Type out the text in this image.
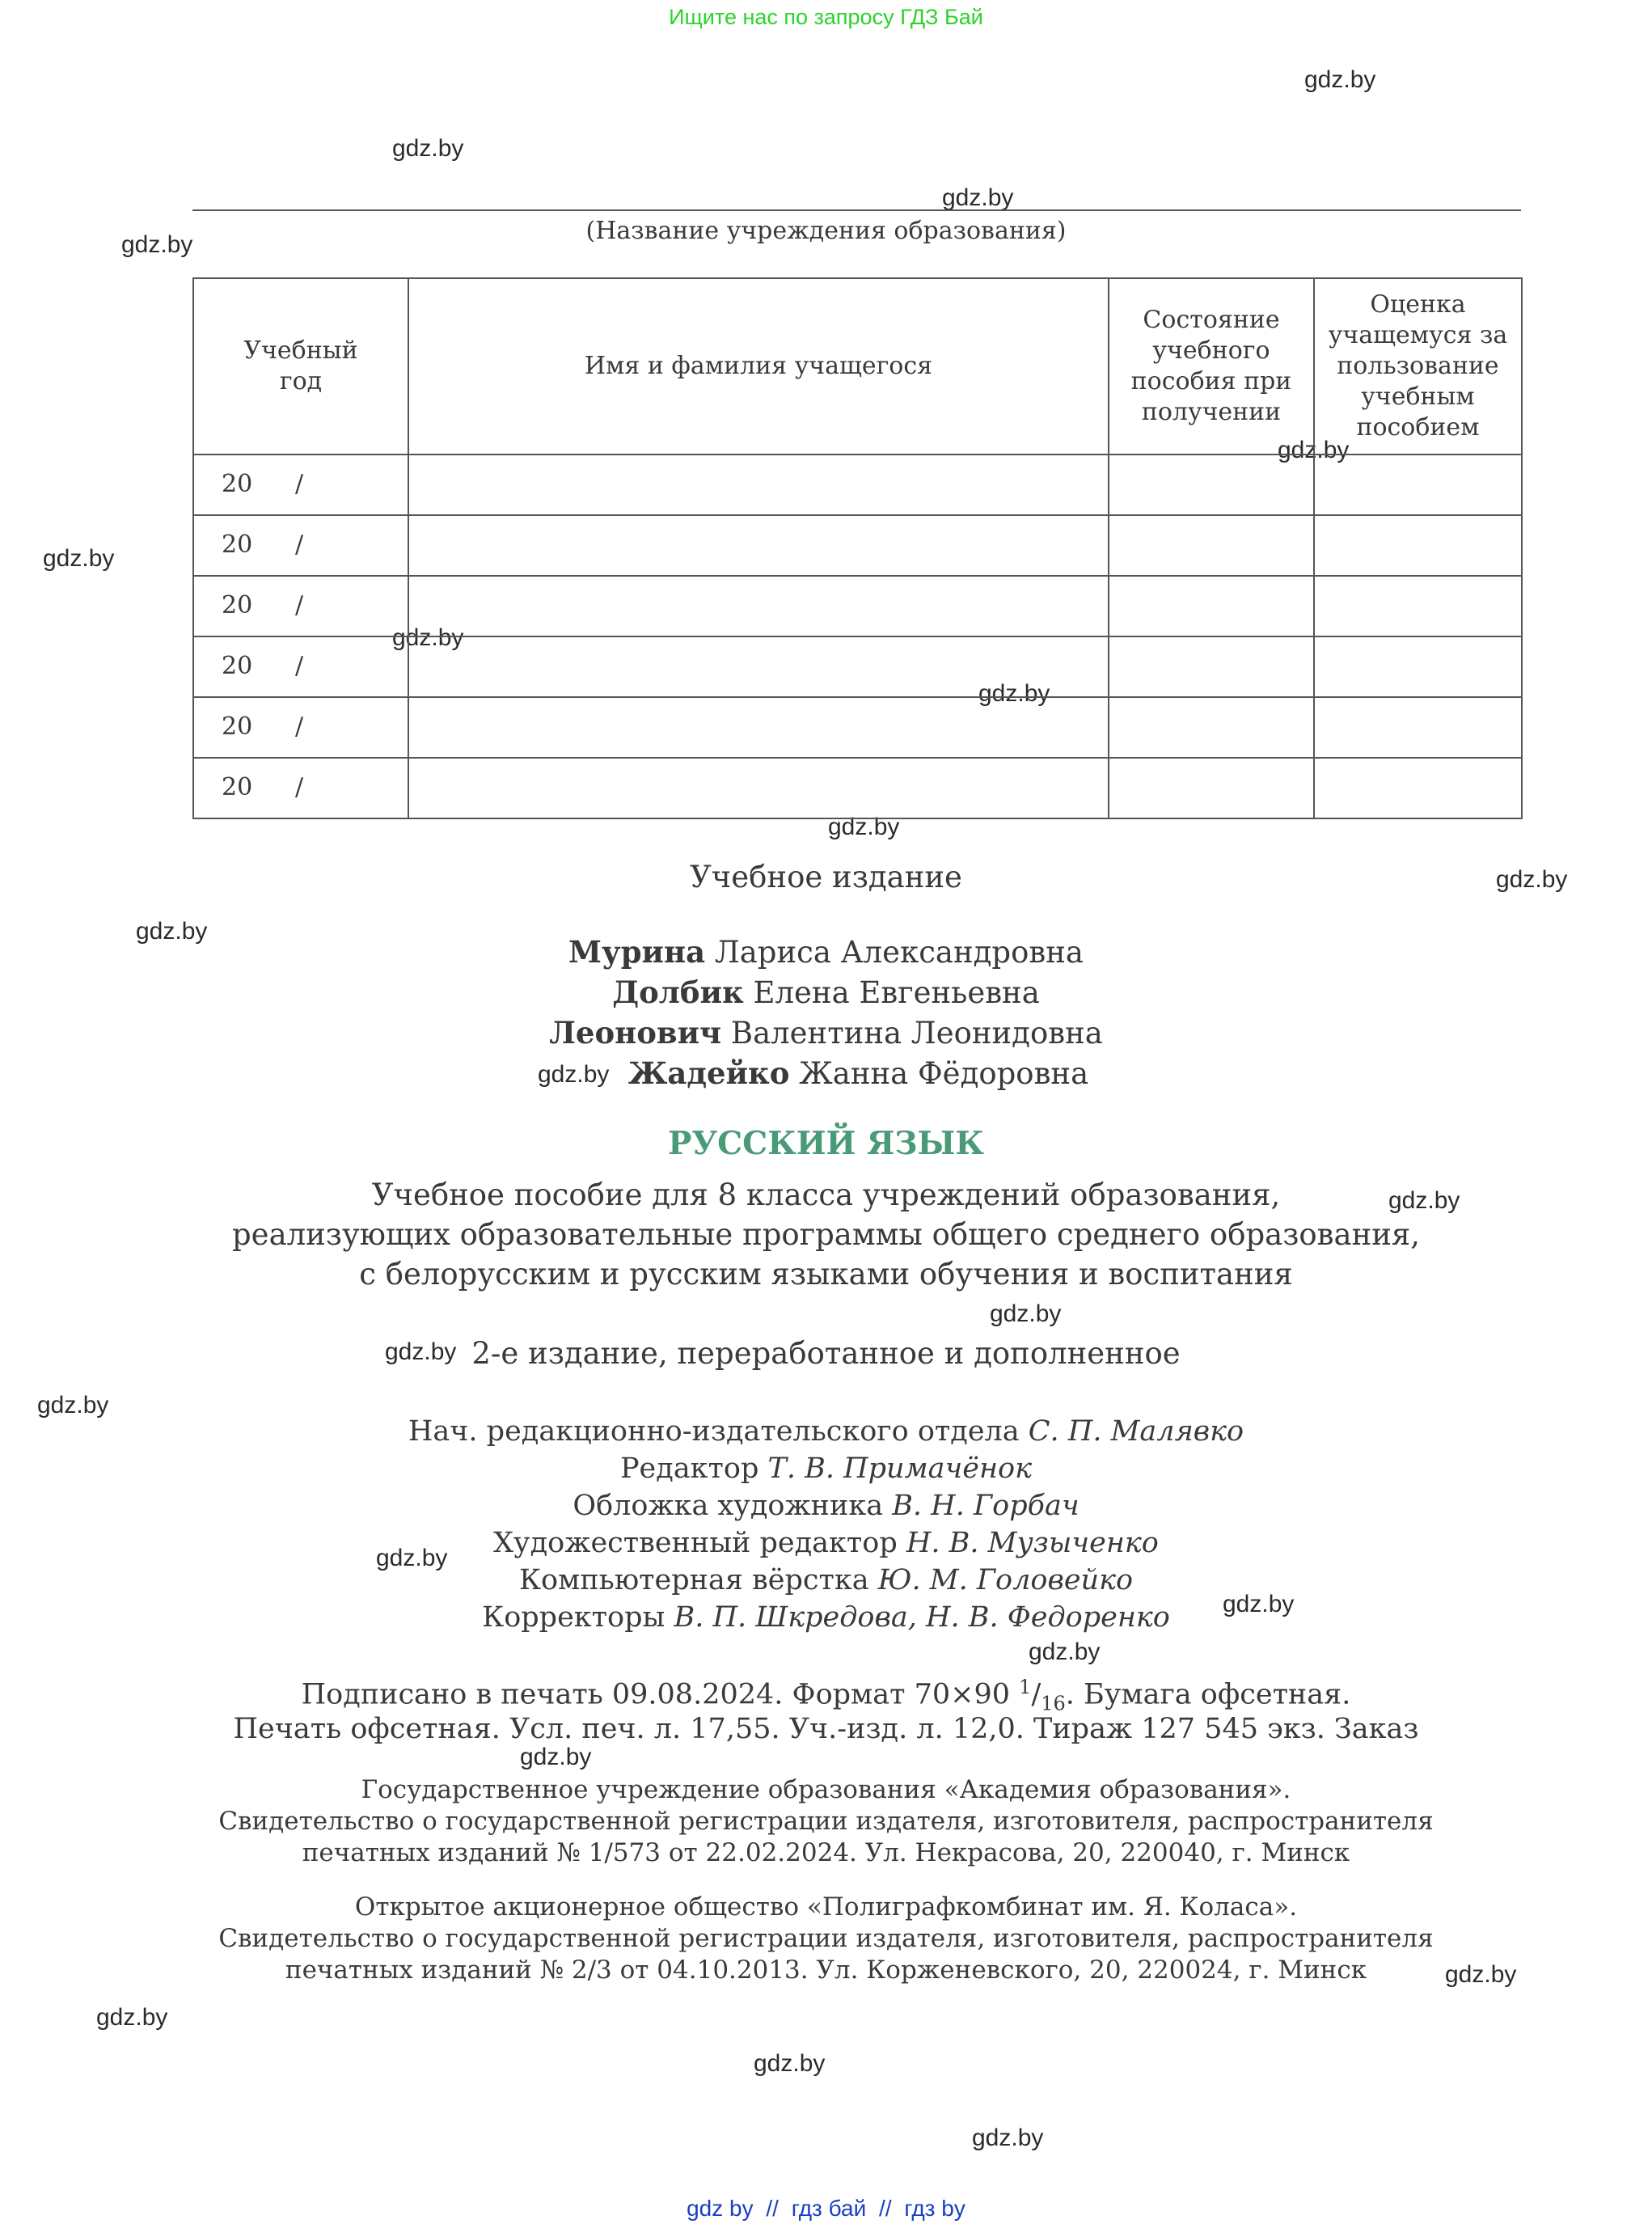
Ищите нас по запросу ГДЗ Бай
gdz.by
gdz.by
gdz.by
gdz.by
gdz.by
gdz.by
gdz.by
gdz.by
gdz.by
gdz.by
gdz.by
gdz.by
gdz.by
gdz.by
gdz.by
gdz.by
gdz.by
gdz.by
gdz.by
gdz.by
gdz.by
gdz.by
gdz.by
gdz.by
(Название учреждения образования)
Учебный год	Имя и фамилия учащегося	Состояние учебного пособия при получении	Оценка учащемуся за пользование учебным пособием

20 /			

20 /			

20 /			

20 /			

20 /			

20 /			

Учебное издание
Мурина Лариса Александровна
Долбик Елена Евгеньевна
Леонович Валентина Леонидовна
Жадейко Жанна Фёдоровна
РУССКИЙ ЯЗЫК
Учебное пособие для 8 класса учреждений образования,
реализующих образовательные программы общего среднего образования,
с белорусским и русским языками обучения и воспитания
2-е издание, переработанное и дополненное
Нач. редакционно-издательского отдела С. П. Малявко
Редактор Т. В. Примачёнок
Обложка художника В. Н. Горбач
Художественный редактор Н. В. Музыченко
Компьютерная вёрстка Ю. М. Головейко
Корректоры В. П. Шкредова, Н. В. Федоренко
Подписано в печать 09.08.2024. Формат 70×90 $^1/_{16}$. Бумага офсетная.
Печать офсетная. Усл. печ. л. 17,55. Уч.-изд. л. 12,0. Тираж 127 545 экз. Заказ
Государственное учреждение образования «Академия образования».
Свидетельство о государственной регистрации издателя, изготовителя, распространителя
печатных изданий № 1/573 от 22.02.2024. Ул. Некрасова, 20, 220040, г. Минск
Открытое акционерное общество «Полиграфкомбинат им. Я. Коласа».
Свидетельство о государственной регистрации издателя, изготовителя, распространителя
печатных изданий № 2/3 от 04.10.2013. Ул. Корженевского, 20, 220024, г. Минск
gdz by // гдз бай // гдз by
